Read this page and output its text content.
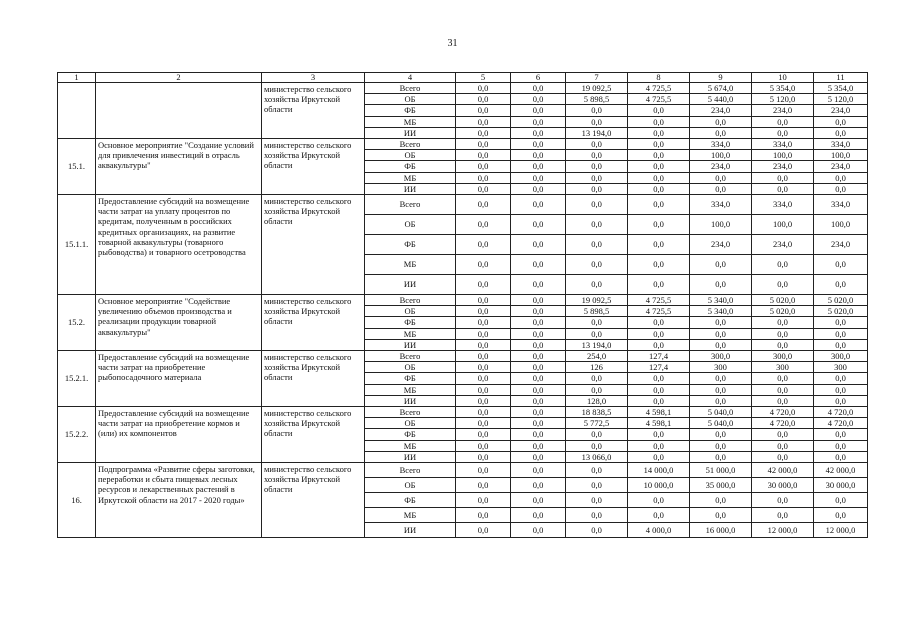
31
1	2	3	4	5	6	7	8	9	10	11
		министерство сельского хозяйства Иркутской области	Всего	0,0	0,0	19 092,5	4 725,5	5 674,0	5 354,0	5 354,0
			ОБ	0,0	0,0	5 898,5	4 725,5	5 440,0	5 120,0	5 120,0
			ФБ	0,0	0,0	0,0	0,0	234,0	234,0	234,0
			МБ	0,0	0,0	0,0	0,0	0,0	0,0	0,0
			ИИ	0,0	0,0	13 194,0	0,0	0,0	0,0	0,0
15.1.	Основное мероприятие "Создание условий для привлечения инвестиций в отрасль аквакультуры"	министерство сельского хозяйства Иркутской области	Всего	0,0	0,0	0,0	0,0	334,0	334,0	334,0
			ОБ	0,0	0,0	0,0	0,0	100,0	100,0	100,0
			ФБ	0,0	0,0	0,0	0,0	234,0	234,0	234,0
			МБ	0,0	0,0	0,0	0,0	0,0	0,0	0,0
			ИИ	0,0	0,0	0,0	0,0	0,0	0,0	0,0
15.1.1.	Предоставление субсидий на возмещение части затрат на уплату процентов по кредитам, полученным в российских кредитных организациях, на развитие товарной аквакультуры (товарного рыбоводства) и товарного осетроводства	министерство сельского хозяйства Иркутской области	Всего	0,0	0,0	0,0	0,0	334,0	334,0	334,0
			ОБ	0,0	0,0	0,0	0,0	100,0	100,0	100,0
			ФБ	0,0	0,0	0,0	0,0	234,0	234,0	234,0
			МБ	0,0	0,0	0,0	0,0	0,0	0,0	0,0
			ИИ	0,0	0,0	0,0	0,0	0,0	0,0	0,0
15.2.	Основное мероприятие "Содействие увеличению объемов производства и реализации продукции товарной аквакультуры"	министерство сельского хозяйства Иркутской области	Всего	0,0	0,0	19 092,5	4 725,5	5 340,0	5 020,0	5 020,0
			ОБ	0,0	0,0	5 898,5	4 725,5	5 340,0	5 020,0	5 020,0
			ФБ	0,0	0,0	0,0	0,0	0,0	0,0	0,0
			МБ	0,0	0,0	0,0	0,0	0,0	0,0	0,0
			ИИ	0,0	0,0	13 194,0	0,0	0,0	0,0	0,0
15.2.1.	Предоставление субсидий на возмещение части затрат на приобретение рыбопосадочного материала	министерство сельского хозяйства Иркутской области	Всего	0,0	0,0	254,0	127,4	300,0	300,0	300,0
			ОБ	0,0	0,0	126	127,4	300	300	300
			ФБ	0,0	0,0	0,0	0,0	0,0	0,0	0,0
			МБ	0,0	0,0	0,0	0,0	0,0	0,0	0,0
			ИИ	0,0	0,0	128,0	0,0	0,0	0,0	0,0
15.2.2.	Предоставление субсидий на возмещение части затрат на приобретение кормов и (или) их компонентов	министерство сельского хозяйства Иркутской области	Всего	0,0	0,0	18 838,5	4 598,1	5 040,0	4 720,0	4 720,0
			ОБ	0,0	0,0	5 772,5	4 598,1	5 040,0	4 720,0	4 720,0
			ФБ	0,0	0,0	0,0	0,0	0,0	0,0	0,0
			МБ	0,0	0,0	0,0	0,0	0,0	0,0	0,0
			ИИ	0,0	0,0	13 066,0	0,0	0,0	0,0	0,0
16.	Подпрограмма «Развитие сферы заготовки, переработки и сбыта пищевых лесных ресурсов и лекарственных растений в Иркутской области на 2017 - 2020 годы»	министерство сельского хозяйства Иркутской области	Всего	0,0	0,0	0,0	14 000,0	51 000,0	42 000,0	42 000,0
			ОБ	0,0	0,0	0,0	10 000,0	35 000,0	30 000,0	30 000,0
			ФБ	0,0	0,0	0,0	0,0	0,0	0,0	0,0
			МБ	0,0	0,0	0,0	0,0	0,0	0,0	0,0
			ИИ	0,0	0,0	0,0	4 000,0	16 000,0	12 000,0	12 000,0
